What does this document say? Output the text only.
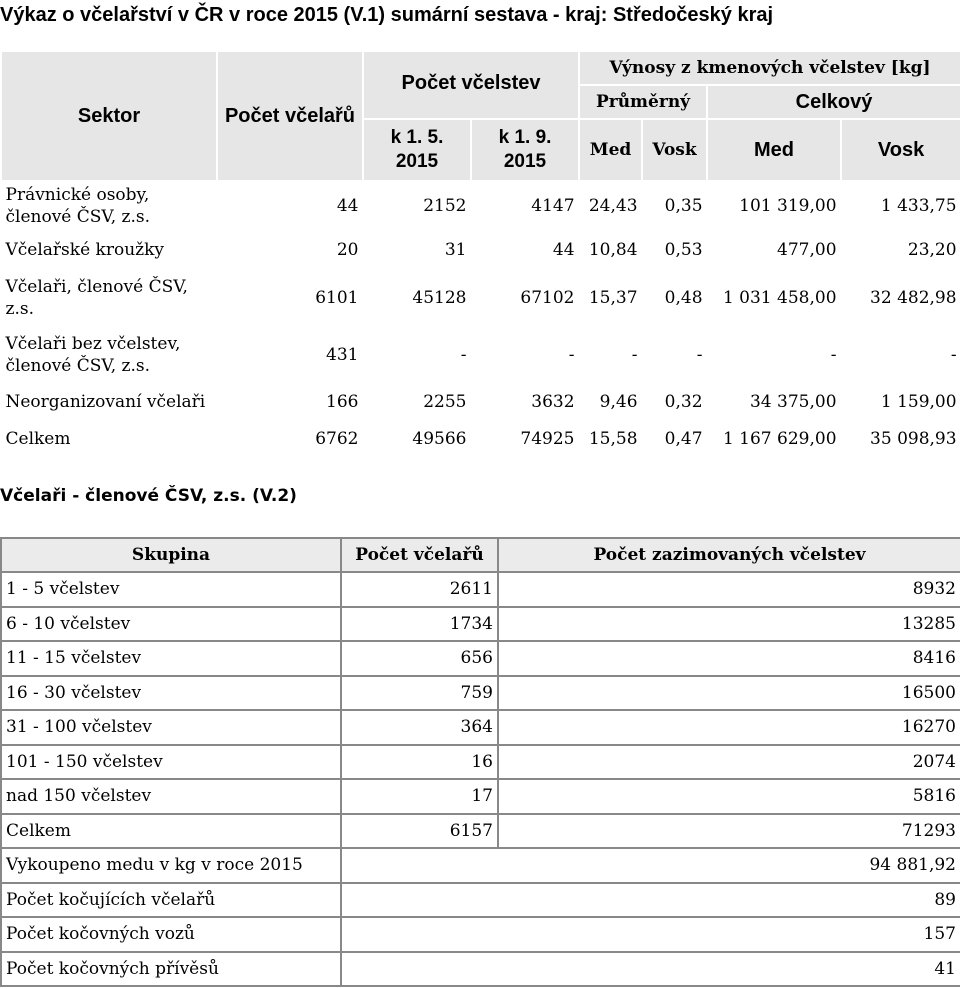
Výkaz o včelařství v ČR v roce 2015 (V.1) sumární sestava - kraj: Středočeský kraj
Sektor	Počet včelařů	Počet včelstev		Výnosy z kmenových včelstev [kg]			
				Průměrný		Celkový	
		k 1. 5. 2015	k 1. 9. 2015	Med	Vosk	Med	Vosk
Právnické osoby, členové ČSV, z.s.	44	2152	4147	24,43	0,35	101 319,00	1 433,75
Včelařské kroužky	20	31	44	10,84	0,53	477,00	23,20
Včelaři, členové ČSV, z.s.	6101	45128	67102	15,37	0,48	1 031 458,00	32 482,98
Včelaři bez včelstev, členové ČSV, z.s.	431	-	-	-	-	-	-
Neorganizovaní včelaři	166	2255	3632	9,46	0,32	34 375,00	1 159,00
Celkem	6762	49566	74925	15,58	0,47	1 167 629,00	35 098,93
Včelaři - členové ČSV, z.s. (V.2)
Skupina	Počet včelařů	Počet zazimovaných včelstev
1 - 5 včelstev	2611	8932
6 - 10 včelstev	1734	13285
11 - 15 včelstev	656	8416
16 - 30 včelstev	759	16500
31 - 100 včelstev	364	16270
101 - 150 včelstev	16	2074
nad 150 včelstev	17	5816
Celkem	6157	71293
Vykoupeno medu v kg v roce 2015	94 881,92	
Počet kočujících včelařů	89	
Počet kočovných vozů	157	
Počet kočovných přívěsů	41	
